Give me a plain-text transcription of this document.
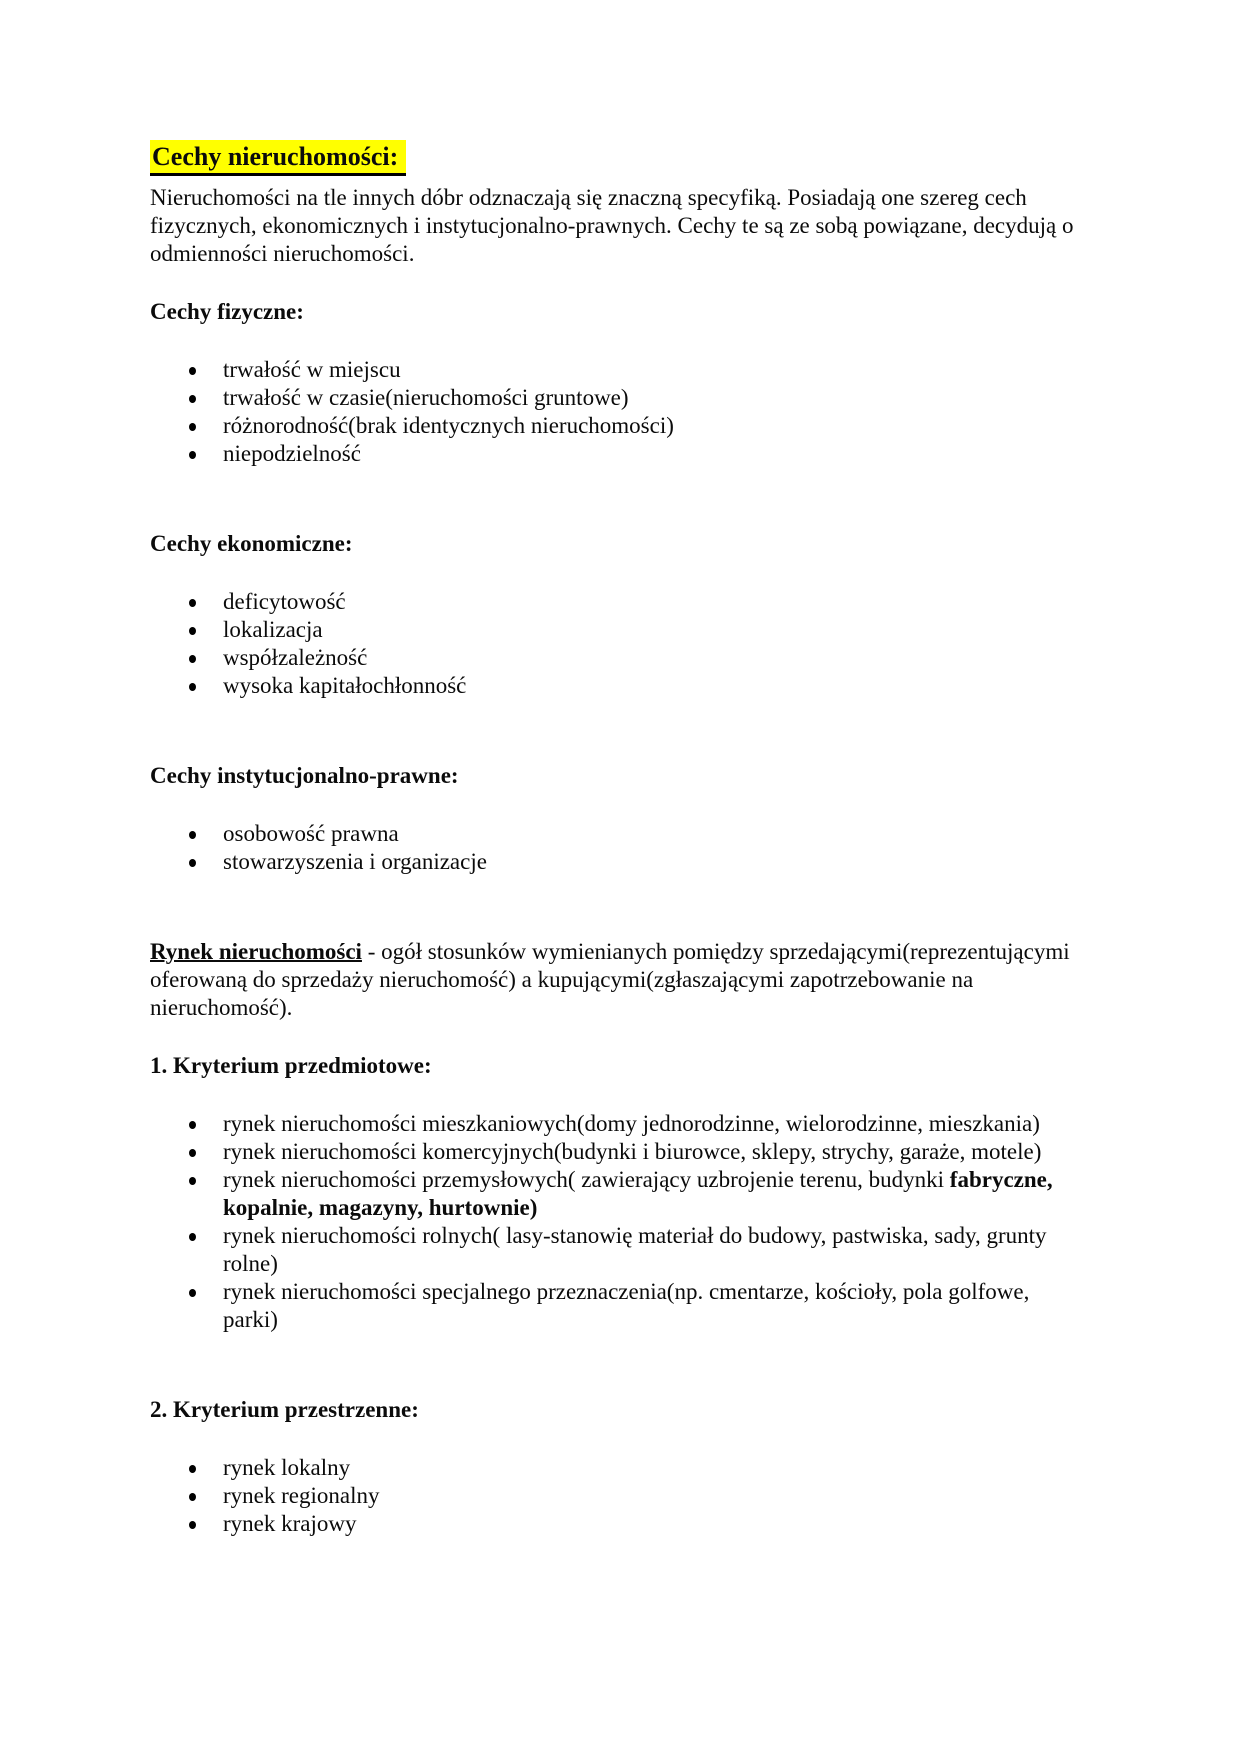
Cechy nieruchomości:

Nieruchomości na tle innych dóbr odznaczają się znaczną specyfiką. Posiadają one szereg cech fizycznych, ekonomicznych i instytucjonalno-prawnych. Cechy te są ze sobą powiązane, decydują o odmienności nieruchomości.

Cechy fizyczne:
trwałość w miejscu
trwałość w czasie(nieruchomości gruntowe)
różnorodność(brak identycznych nieruchomości)
niepodzielność
Cechy ekonomiczne:
deficytowość
lokalizacja
współzależność
wysoka kapitałochłonność
Cechy instytucjonalno-prawne:
osobowość prawna
stowarzyszenia i organizacje

Rynek nieruchomości - ogół stosunków wymienianych pomiędzy sprzedającymi(reprezentującymi oferowaną do sprzedaży nieruchomość) a kupującymi(zgłaszającymi zapotrzebowanie na nieruchomość).

1. Kryterium przedmiotowe:
rynek nieruchomości mieszkaniowych(domy jednorodzinne, wielorodzinne, mieszkania)
rynek nieruchomości komercyjnych(budynki i biurowce, sklepy, strychy, garaże, motele)
rynek nieruchomości przemysłowych( zawierający uzbrojenie terenu, budynki fabryczne, kopalnie, magazyny, hurtownie)
rynek nieruchomości rolnych( lasy-stanowię materiał do budowy, pastwiska, sady, grunty rolne)
rynek nieruchomości specjalnego przeznaczenia(np. cmentarze, kościoły, pola golfowe, parki)
2. Kryterium przestrzenne:
rynek lokalny
rynek regionalny
rynek krajowy
